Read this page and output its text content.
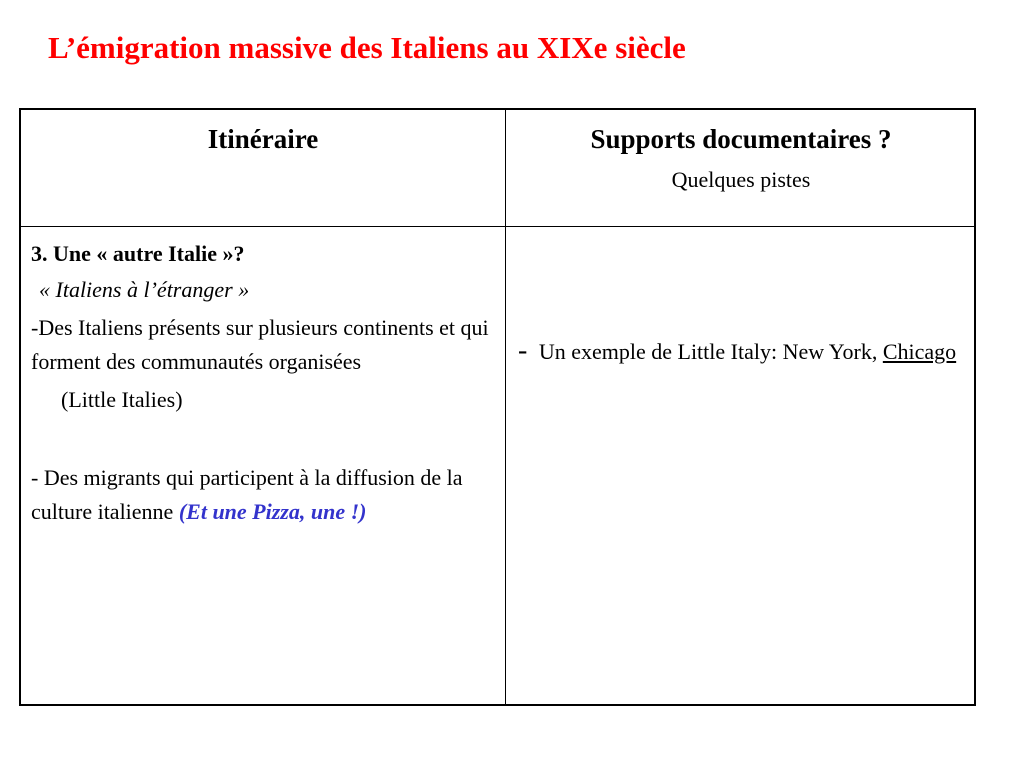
L’émigration massive des Italiens au XIXe siècle
Itinéraire	Supports documentaires ?
Quelques pistes

3. Une « autre Italie »?

« Italiens à l’étranger »

-Des Italiens présents sur plusieurs continents et qui forment des communautés organisées

(Little Italies)

- Des migrants qui participent à la diffusion de la culture italienne (Et une Pizza, une !)

- Un exemple de Little Italy: New York, Chicago
